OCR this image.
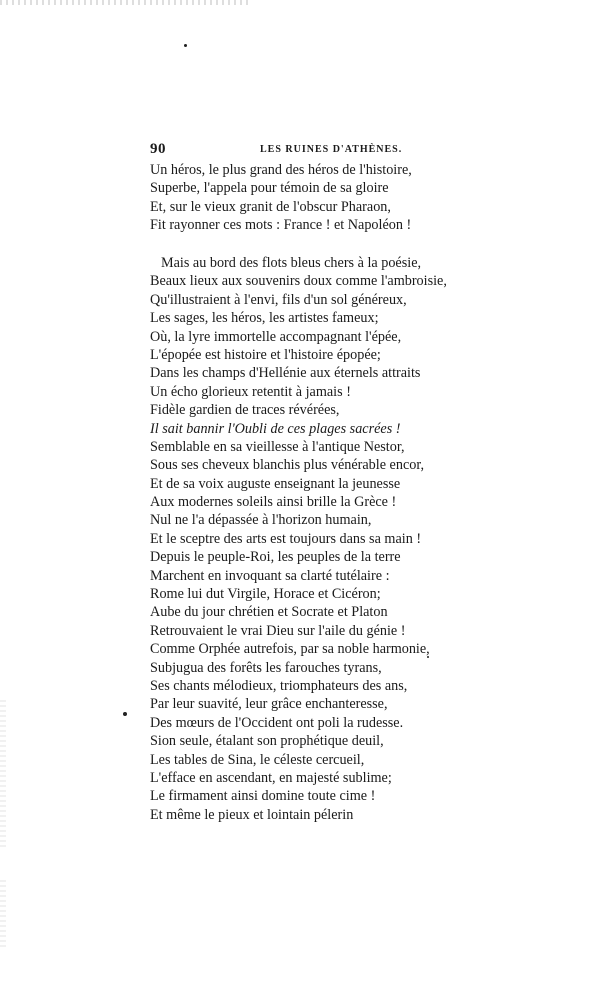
90	LES RUINES D'ATHÈNES.
Un héros, le plus grand des héros de l'histoire,
Superbe, l'appela pour témoin de sa gloire
Et, sur le vieux granit de l'obscur Pharaon,
Fit rayonner ces mots : France ! et Napoléon !
Mais au bord des flots bleus chers à la poésie,
Beaux lieux aux souvenirs doux comme l'ambroisie,
Qu'illustraient à l'envi, fils d'un sol généreux,
Les sages, les héros, les artistes fameux;
Où, la lyre immortelle accompagnant l'épée,
L'épopée est histoire et l'histoire épopée;
Dans les champs d'Hellénie aux éternels attraits
Un écho glorieux retentit à jamais !
Fidèle gardien de traces révérées,
Il sait bannir l'Oubli de ces plages sacrées !
Semblable en sa vieillesse à l'antique Nestor,
Sous ses cheveux blanchis plus vénérable encor,
Et de sa voix auguste enseignant la jeunesse
Aux modernes soleils ainsi brille la Grèce !
Nul ne l'a dépassée à l'horizon humain,
Et le sceptre des arts est toujours dans sa main !
Depuis le peuple-Roi, les peuples de la terre
Marchent en invoquant sa clarté tutélaire :
Rome lui dut Virgile, Horace et Cicéron;
Aube du jour chrétien et Socrate et Platon
Retrouvaient le vrai Dieu sur l'aile du génie !
Comme Orphée autrefois, par sa noble harmonie,
Subjugua des forêts les farouches tyrans,
Ses chants mélodieux, triomphateurs des ans,
Par leur suavité, leur grâce enchanteresse,
Des mœurs de l'Occident ont poli la rudesse.
Sion seule, étalant son prophétique deuil,
Les tables de Sina, le céleste cercueil,
L'efface en ascendant, en majesté sublime;
Le firmament ainsi domine toute cime !
Et même le pieux et lointain pélerin
